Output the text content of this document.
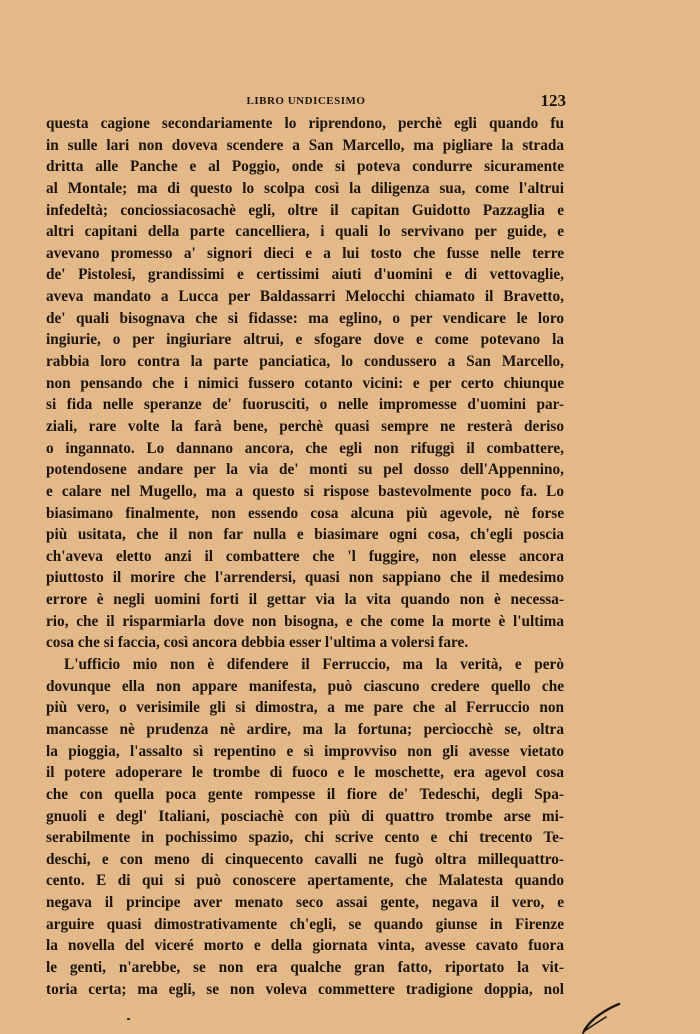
LIBRO UNDICESIMO	123
questa cagione secondariamente lo riprendono, perchè egli quando fu
in sulle lari non doveva scendere a San Marcello, ma pigliare la strada
dritta alle Panche e al Poggio, onde si poteva condurre sicuramente
al Montale; ma di questo lo scolpa così la diligenza sua, come l'altrui
infedeltà; conciossiacosachè egli, oltre il capitan Guidotto Pazzaglia e
altri capitani della parte cancelliera, i quali lo servivano per guide, e
avevano promesso a' signori dieci e a lui tosto che fusse nelle terre
de' Pistolesi, grandissimi e certissimi aiuti d'uomini e di vettovaglie,
aveva mandato a Lucca per Baldassarri Melocchi chiamato il Bravetto,
de' quali bisognava che si fidasse: ma eglino, o per vendicare le loro
ingiurie, o per ingiuriare altrui, e sfogare dove e come potevano la
rabbia loro contra la parte panciatica, lo condussero a San Marcello,
non pensando che i nimici fussero cotanto vicini: e per certo chiunque
si fida nelle speranze de' fuorusciti, o nelle impromesse d'uomini par-
ziali, rare volte la farà bene, perchè quasi sempre ne resterà deriso
o ingannato. Lo dannano ancora, che egli non rifuggì il combattere,
potendosene andare per la via de' monti su pel dosso dell'Appennino,
e calare nel Mugello, ma a questo si rispose bastevolmente poco fa. Lo
biasimano finalmente, non essendo cosa alcuna più agevole, nè forse
più usitata, che il non far nulla e biasimare ogni cosa, ch'egli poscia
ch'aveva eletto anzi il combattere che 'l fuggire, non elesse ancora
piuttosto il morire che l'arrendersi, quasi non sappiano che il medesimo
errore è negli uomini forti il gettar via la vita quando non è necessa-
rio, che il risparmiarla dove non bisogna, e che come la morte è l'ultima
cosa che si faccia, così ancora debbia esser l'ultima a volersi fare.
L'ufficio mio non è difendere il Ferruccio, ma la verità, e però
dovunque ella non appare manifesta, può ciascuno credere quello che
più vero, o verisimile gli si dimostra, a me pare che al Ferruccio non
mancasse nè prudenza nè ardire, ma la fortuna; percìocchè se, oltra
la pioggia, l'assalto sì repentino e sì improvviso non gli avesse vietato
il potere adoperare le trombe di fuoco e le moschette, era agevol cosa
che con quella poca gente rompesse il fiore de' Tedeschi, degli Spa-
gnuoli e degl' Italiani, posciachè con più di quattro trombe arse mi-
serabilmente in pochissimo spazio, chi scrive cento e chi trecento Te-
deschi, e con meno di cinquecento cavalli ne fugò oltra millequattro-
cento. E di qui si può conoscere apertamente, che Malatesta quando
negava il principe aver menato seco assai gente, negava il vero, e
arguire quasi dimostrativamente ch'egli, se quando giunse in Firenze
la novella del viceré morto e della giornata vinta, avesse cavato fuora
le genti, n'arebbe, se non era qualche gran fatto, riportato la vit-
toria certa; ma egli, se non voleva commettere tradigione doppia, nol
